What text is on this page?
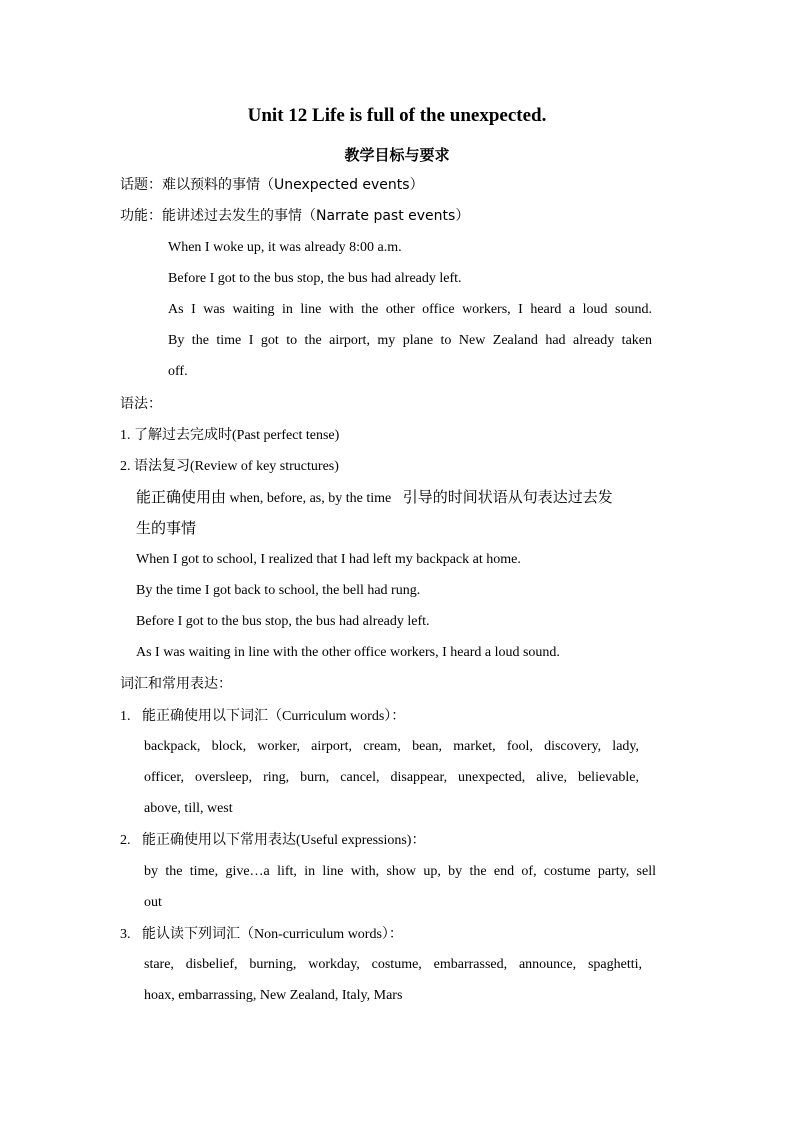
Unit 12 Life is full of the unexpected.
教学目标与要求
话题：难以预料的事情（Unexpected events）
功能：能讲述过去发生的事情（Narrate past events）
When I woke up, it was already 8:00 a.m.
Before I got to the bus stop, the bus had already left.
As I was waiting in line with the other office workers, I heard a loud sound.
By the time I got to the airport, my plane to New Zealand had already taken
off.
语法：
1. 了解过去完成时(Past perfect tense)
2. 语法复习(Review of key structures)
能正确使用由 when, before, as, by the time 引导的时间状语从句表达过去发
生的事情
When I got to school, I realized that I had left my backpack at home.
By the time I got back to school, the bell had rung.
Before I got to the bus stop, the bus had already left.
As I was waiting in line with the other office workers, I heard a loud sound.
词汇和常用表达：
1. 能正确使用以下词汇（Curriculum words）：
backpack, block, worker, airport, cream, bean, market, fool, discovery, lady,
officer, oversleep, ring, burn, cancel, disappear, unexpected, alive, believable,
above, till, west
2. 能正确使用以下常用表达(Useful expressions)：
by the time, give…a lift, in line with, show up, by the end of, costume party, sell
out
3. 能认读下列词汇（Non-curriculum words）：
stare, disbelief, burning, workday, costume, embarrassed, announce, spaghetti,
hoax, embarrassing, New Zealand, Italy, Mars
